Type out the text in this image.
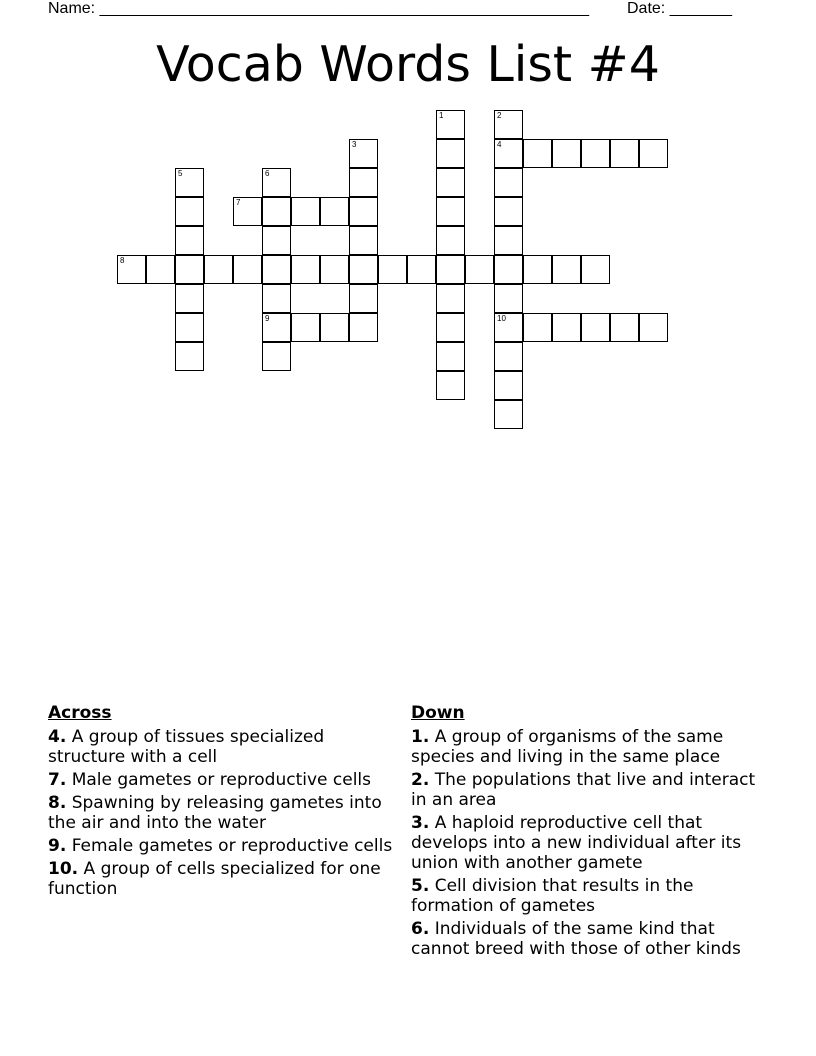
Name: _______________________________________________________ Date: _______
Vocab Words List #4
1	2
3	4
5	6
7
8
9	10
Across
4. A group of tissues specialized structure with a cell
7. Male gametes or reproductive cells
8. Spawning by releasing gametes into the air and into the water
9. Female gametes or reproductive cells
10. A group of cells specialized for one function
Down
1. A group of organisms of the same species and living in the same place
2. The populations that live and interact in an area
3. A haploid reproductive cell that develops into a new individual after its union with another gamete
5. Cell division that results in the formation of gametes
6. Individuals of the same kind that cannot breed with those of other kinds
